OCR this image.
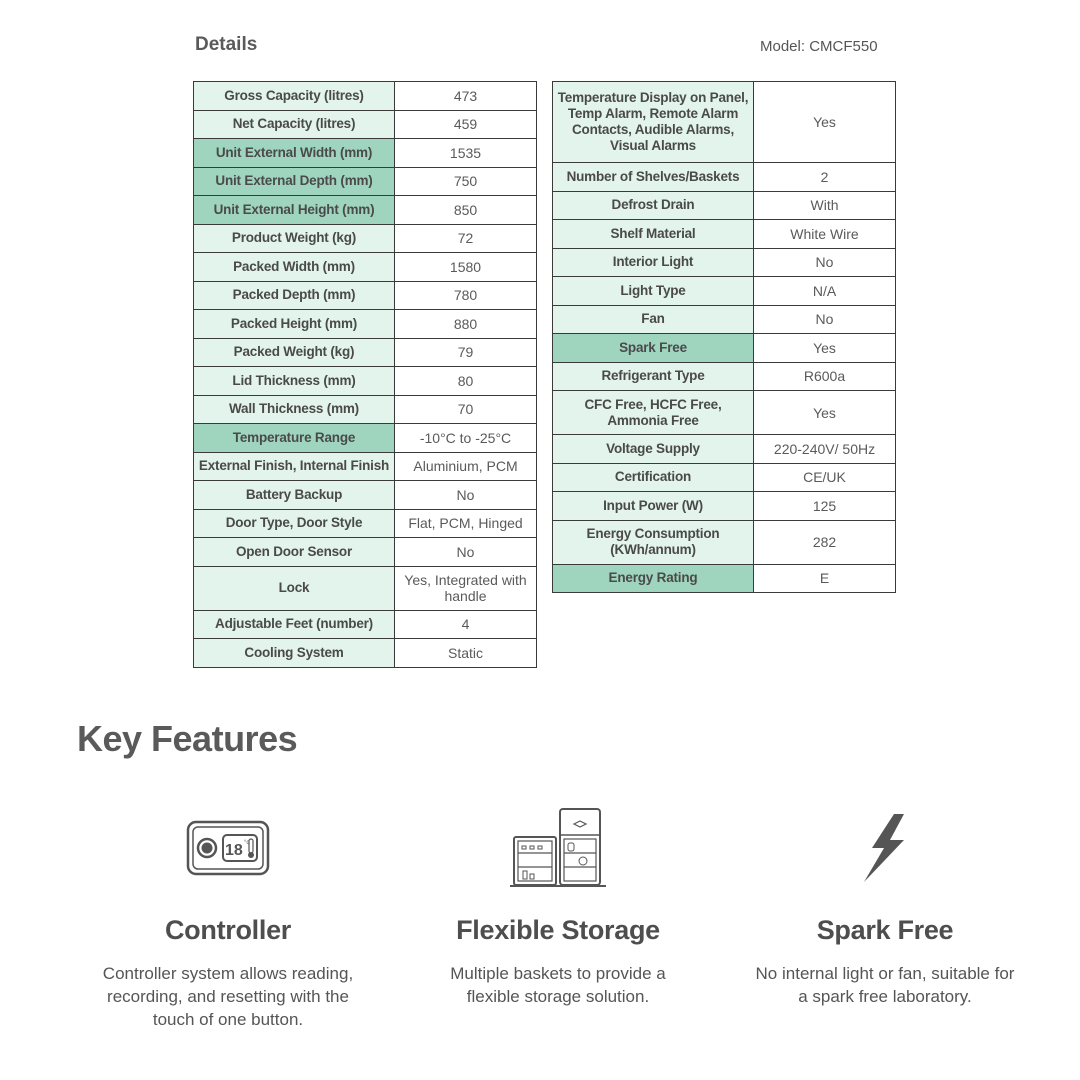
Details	Model: CMCF550
Gross Capacity (litres)	473
Net Capacity (litres)	459
Unit External Width (mm)	1535
Unit External Depth (mm)	750
Unit External Height (mm)	850
Product Weight (kg)	72
Packed Width (mm)	1580
Packed Depth (mm)	780
Packed Height (mm)	880
Packed Weight (kg)	79
Lid Thickness (mm)	80
Wall Thickness (mm)	70
Temperature Range	-10°C to -25°C
External Finish, Internal Finish	Aluminium, PCM
Battery Backup	No
Door Type, Door Style	Flat, PCM, Hinged
Open Door Sensor	No
Lock	Yes, Integrated with handle
Adjustable Feet (number)	4
Cooling System	Static
Temperature Display on Panel, Temp Alarm, Remote Alarm Contacts, Audible Alarms, Visual Alarms	Yes
Number of Shelves/Baskets	2
Defrost Drain	With
Shelf Material	White Wire
Interior Light	No
Light Type	N/A
Fan	No
Spark Free	Yes
Refrigerant Type	R600a
CFC Free, HCFC Free, Ammonia Free	Yes
Voltage Supply	220-240V/ 50Hz
Certification	CE/UK
Input Power (W)	125
Energy Consumption (KWh/annum)	282
Energy Rating	E
Key Features
18 °c
Controller

Controller system allows reading, recording, and resetting with the touch of one button.

Flexible Storage

Multiple baskets to provide a flexible storage solution.

Spark Free

No internal light or fan, suitable for a spark free laboratory.
